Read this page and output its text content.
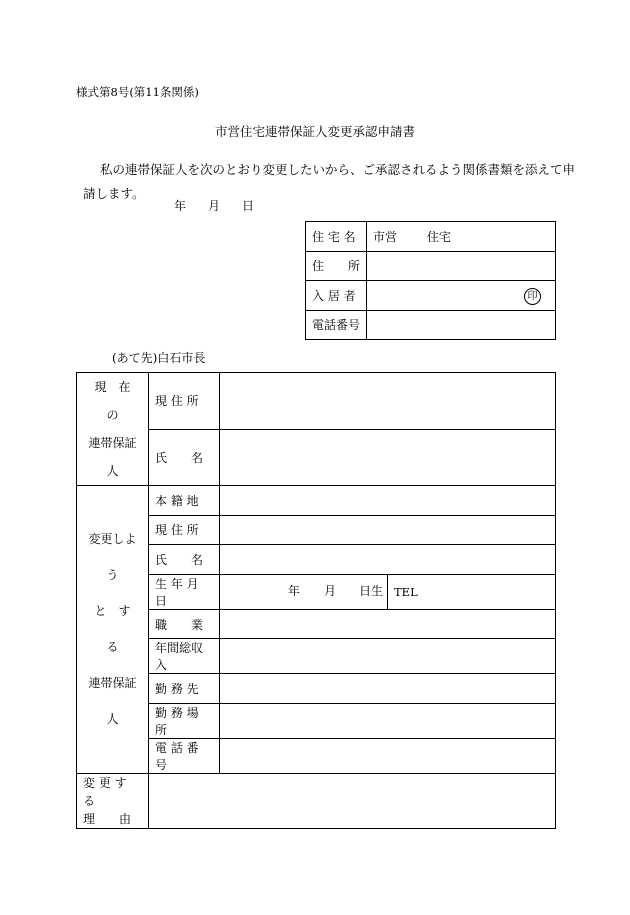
様式第8号(第11条関係)
市営住宅連帯保証人変更承認申請書
私の連帯保証人を次のとおり変更したいから、ご承認されるよう関係書類を添えて申
請します。
年 月 日
住 宅 名	市営 住宅
住　　所	
入 居 者	印

電話番号	
(あて先)白石市長
現　在　の
連帯保証人	現 住 所		
	氏　　名		

変更しよう
と　す　る
連帯保証人	本 籍 地		
	現 住 所		
	氏　　名		
	生 年 月 日	年 月 日生	TEL
	職　　業		
	年間総収入		
	勤 務 先		
	勤 務 場 所		
	電 話 番 号		

変 更 す る
理　　由			
